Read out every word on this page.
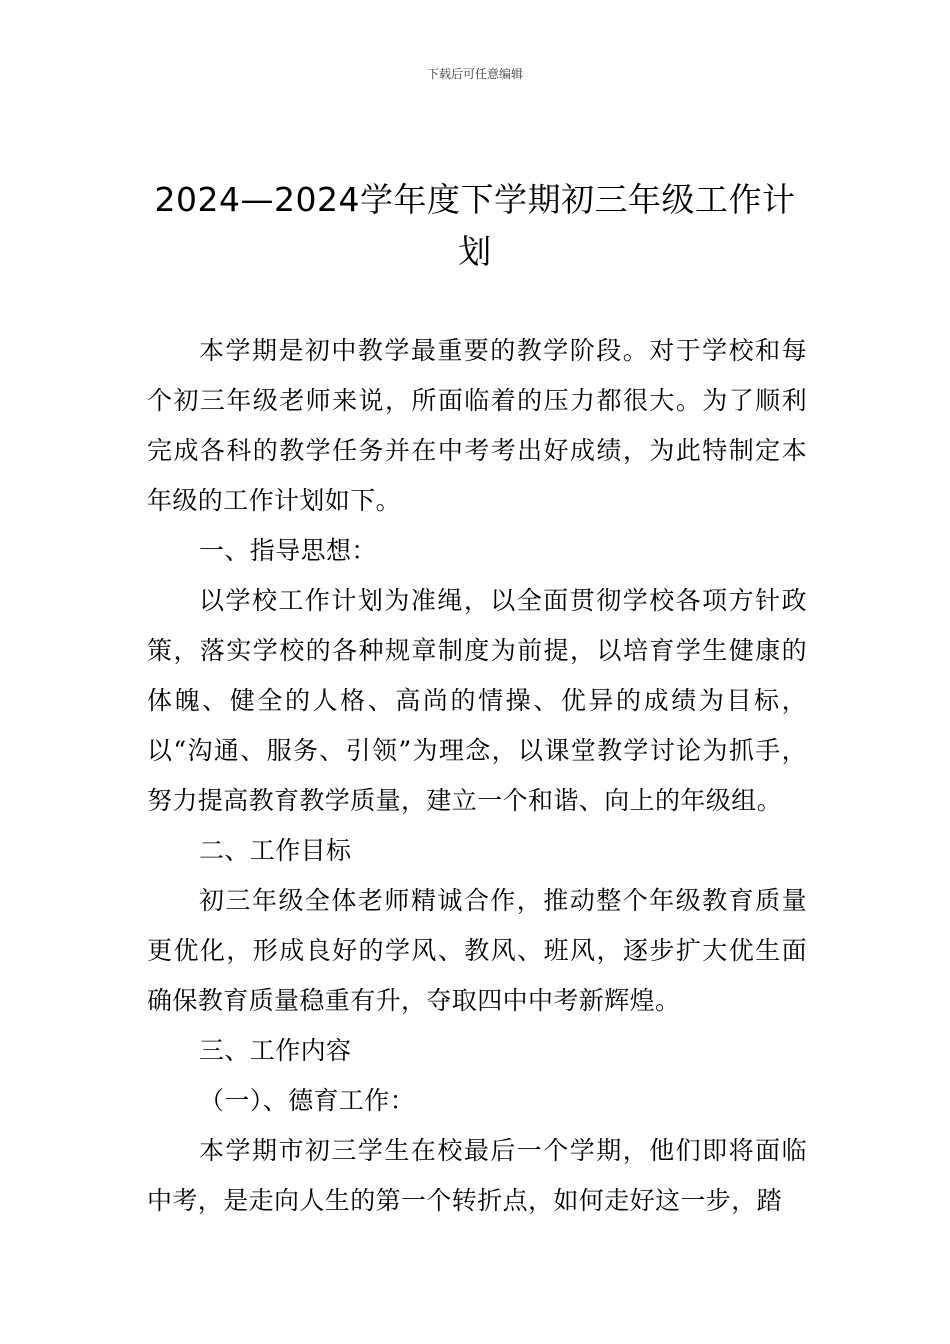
下载后可任意编辑
2024—2024学年度下学期初三年级工作计划

本学期是初中教学最重要的教学阶段。对于学校和每个初三年级老师来说，所面临着的压力都很大。为了顺利完成各科的教学任务并在中考考出好成绩，为此特制定本年级的工作计划如下。

一、指导思想：

以学校工作计划为准绳，以全面贯彻学校各项方针政策，落实学校的各种规章制度为前提，以培育学生健康的体魄、健全的人格、高尚的情操、优异的成绩为目标，以“沟通、服务、引领”为理念，以课堂教学讨论为抓手，努力提高教育教学质量，建立一个和谐、向上的年级组。

二、工作目标

初三年级全体老师精诚合作，推动整个年级教育质量更优化，形成良好的学风、教风、班风，逐步扩大优生面确保教育质量稳重有升，夺取四中中考新辉煌。

三、工作内容

（一）、德育工作：

本学期市初三学生在校最后一个学期，他们即将面临中考，是走向人生的第一个转折点，如何走好这一步，踏
